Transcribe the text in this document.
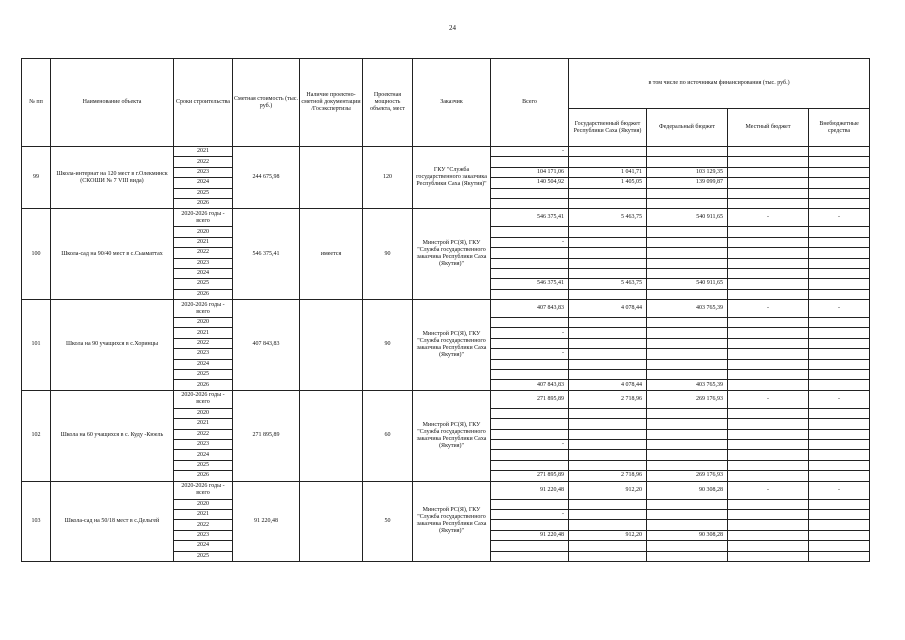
24
№ пп	Наименование объекта	Сроки строительства	Сметная стоимость (тыс. руб.)	Наличие проектно-сметной документации /Госэкспертизы	Проектная мощность объекта, мест	Заказчик	Всего	в том числе по источникам финансирования (тыс. руб.)			
								Государственный бюджет Республики Саха (Якутия)	Федеральный бюджет	Местный бюджет	Внебюджетные средства
99	Школа-интернат на 120 мест в г.Олекминск (СКОШИ № 7 VIII вида)	2021	244 675,98		120	ГКУ "Служба государственного заказчика Республики Саха (Якутия)"	-				
		2022									
		2023					104 171,06	1 041,71	103 129,35		
		2024					140 504,92	1 405,05	139 099,87		
		2025									
		2026									
100	Школа-сад на 90/40 мест в с.Сыаматтах	2020-2026 годы - всего	546 375,41	имеется	90	Минстрой РС(Я), ГКУ "Служба государственного заказчика Республики Саха (Якутия)"	546 375,41	5 463,75	540 911,65	-	-
		2020									
		2021					-				
		2022									
		2023									
		2024									
		2025					546 375,41	5 463,75	540 911,65		
		2026									
101	Школа на 90 учащихся в с.Хоринцы	2020-2026 годы - всего	407 843,83		90	Минстрой РС(Я), ГКУ "Служба государственного заказчика Республики Саха (Якутия)"	407 843,83	4 078,44	403 765,39	-	-
		2020									
		2021					-				
		2022									
		2023					-				
		2024									
		2025									
		2026					407 843,83	4 078,44	403 765,39		
102	Школа на 60 учащихся в с. Кудy -Кюель	2020-2026 годы - всего	271 895,89		60	Минстрой РС(Я), ГКУ "Служба государственного заказчика Республики Саха (Якутия)"	271 895,89	2 718,96	269 176,93	-	-
		2020									
		2021									
		2022									
		2023					-				
		2024									
		2025									
		2026					271 895,89	2 718,96	269 176,93		
103	Школа-сад на 50/18 мест в с.Дельгей	2020-2026 годы - всего	91 220,48		50	Минстрой РС(Я), ГКУ "Служба государственного заказчика Республики Саха (Якутия)"	91 220,48	912,20	90 308,28	-	-
		2020									
		2021					-				
		2022									
		2023					91 220,48	912,20	90 308,28		
		2024									
		2025									
